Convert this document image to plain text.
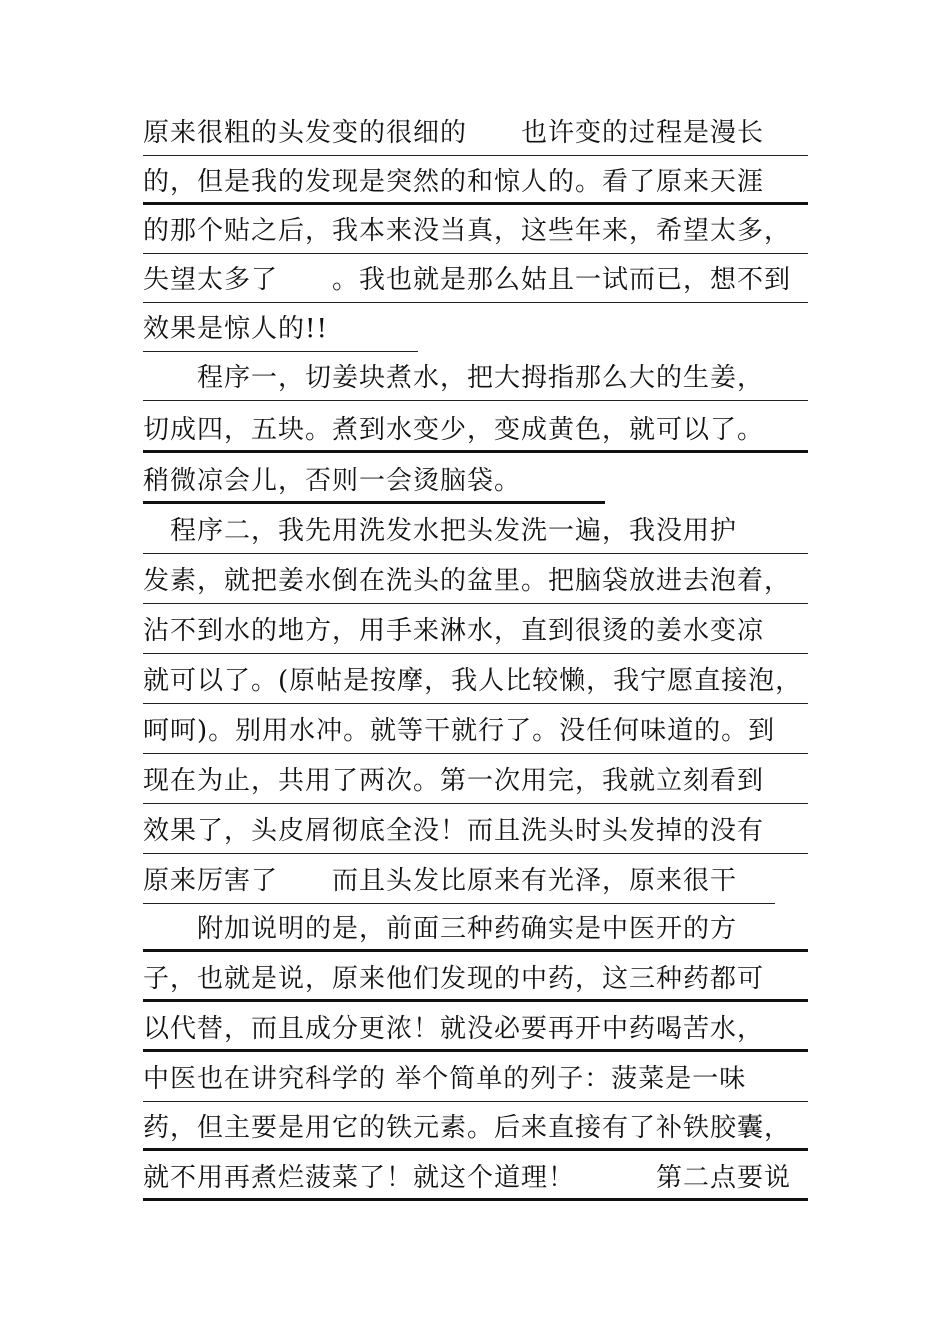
原来很粗的头发变的很细的　　也许变的过程是漫长
的，但是我的发现是突然的和惊人的。看了原来天涯
的那个贴之后，我本来没当真，这些年来，希望太多，
失望太多了　　。我也就是那么姑且一试而已，想不到
效果是惊人的!!
　　程序一，切姜块煮水，把大拇指那么大的生姜，
切成四，五块。煮到水变少，变成黄色，就可以了。
稍微凉会儿，否则一会烫脑袋。
　程序二，我先用洗发水把头发洗一遍，我没用护
发素，就把姜水倒在洗头的盆里。把脑袋放进去泡着，
沾不到水的地方，用手来淋水，直到很烫的姜水变凉
就可以了。(原帖是按摩，我人比较懒，我宁愿直接泡，
呵呵)。别用水冲。就等干就行了。没任何味道的。到
现在为止，共用了两次。第一次用完，我就立刻看到
效果了，头皮屑彻底全没！而且洗头时头发掉的没有
原来厉害了　　而且头发比原来有光泽，原来很干
　　附加说明的是，前面三种药确实是中医开的方
子，也就是说，原来他们发现的中药，这三种药都可
以代替，而且成分更浓！就没必要再开中药喝苦水，
中医也在讲究科学的 举个简单的列子：菠菜是一味
药，但主要是用它的铁元素。后来直接有了补铁胶囊，
就不用再煮烂菠菜了！就这个道理！　　　第二点要说
